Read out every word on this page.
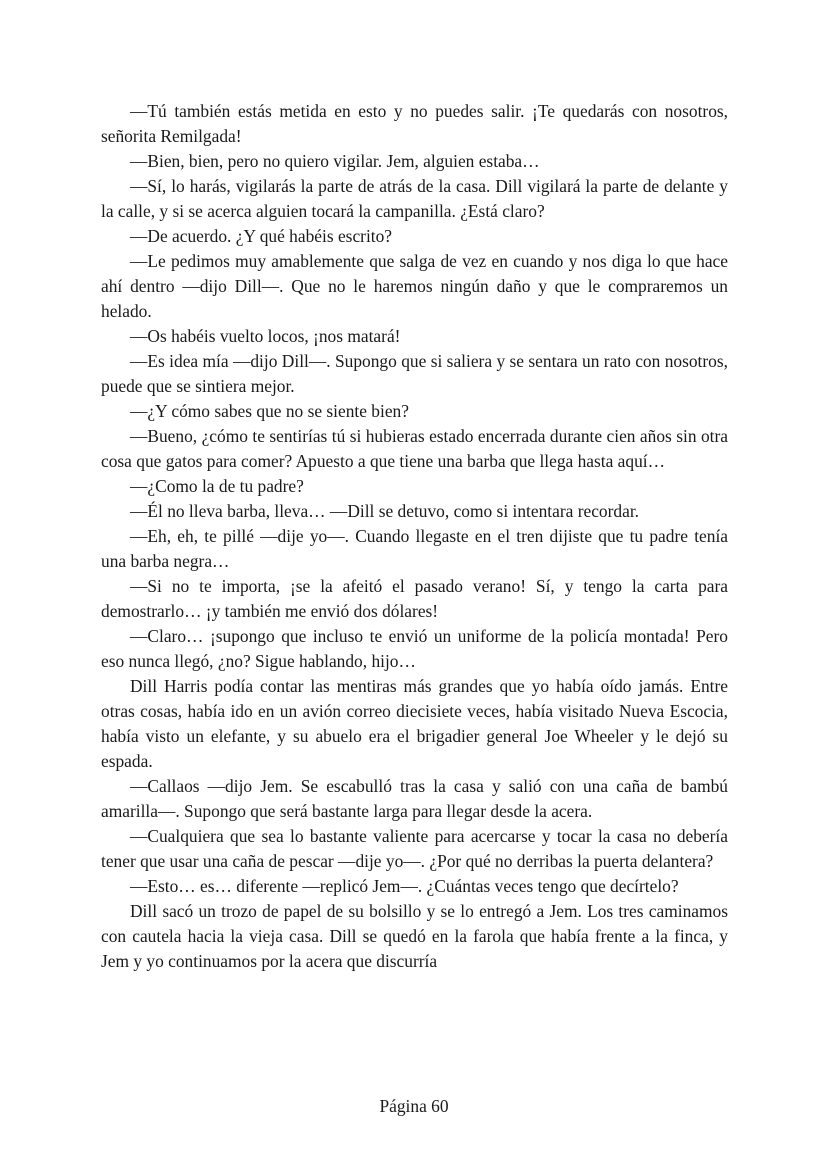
—Tú también estás metida en esto y no puedes salir. ¡Te quedarás con nosotros, señorita Remilgada!

—Bien, bien, pero no quiero vigilar. Jem, alguien estaba…

—Sí, lo harás, vigilarás la parte de atrás de la casa. Dill vigilará la parte de delante y la calle, y si se acerca alguien tocará la campanilla. ¿Está claro?

—De acuerdo. ¿Y qué habéis escrito?

—Le pedimos muy amablemente que salga de vez en cuando y nos diga lo que hace ahí dentro —dijo Dill—. Que no le haremos ningún daño y que le compraremos un helado.

—Os habéis vuelto locos, ¡nos matará!

—Es idea mía —dijo Dill—. Supongo que si saliera y se sentara un rato con nosotros, puede que se sintiera mejor.

—¿Y cómo sabes que no se siente bien?

—Bueno, ¿cómo te sentirías tú si hubieras estado encerrada durante cien años sin otra cosa que gatos para comer? Apuesto a que tiene una barba que llega hasta aquí…

—¿Como la de tu padre?

—Él no lleva barba, lleva… —Dill se detuvo, como si intentara recordar.

—Eh, eh, te pillé —dije yo—. Cuando llegaste en el tren dijiste que tu padre tenía una barba negra…

—Si no te importa, ¡se la afeitó el pasado verano! Sí, y tengo la carta para demostrarlo… ¡y también me envió dos dólares!

—Claro… ¡supongo que incluso te envió un uniforme de la policía montada! Pero eso nunca llegó, ¿no? Sigue hablando, hijo…

Dill Harris podía contar las mentiras más grandes que yo había oído jamás. Entre otras cosas, había ido en un avión correo diecisiete veces, había visitado Nueva Escocia, había visto un elefante, y su abuelo era el brigadier general Joe Wheeler y le dejó su espada.

—Callaos —dijo Jem. Se escabulló tras la casa y salió con una caña de bambú amarilla—. Supongo que será bastante larga para llegar desde la acera.

—Cualquiera que sea lo bastante valiente para acercarse y tocar la casa no debería tener que usar una caña de pescar —dije yo—. ¿Por qué no derribas la puerta delantera?

—Esto… es… diferente —replicó Jem—. ¿Cuántas veces tengo que decírtelo?

Dill sacó un trozo de papel de su bolsillo y se lo entregó a Jem. Los tres caminamos con cautela hacia la vieja casa. Dill se quedó en la farola que había frente a la finca, y Jem y yo continuamos por la acera que discurría

Página 60
